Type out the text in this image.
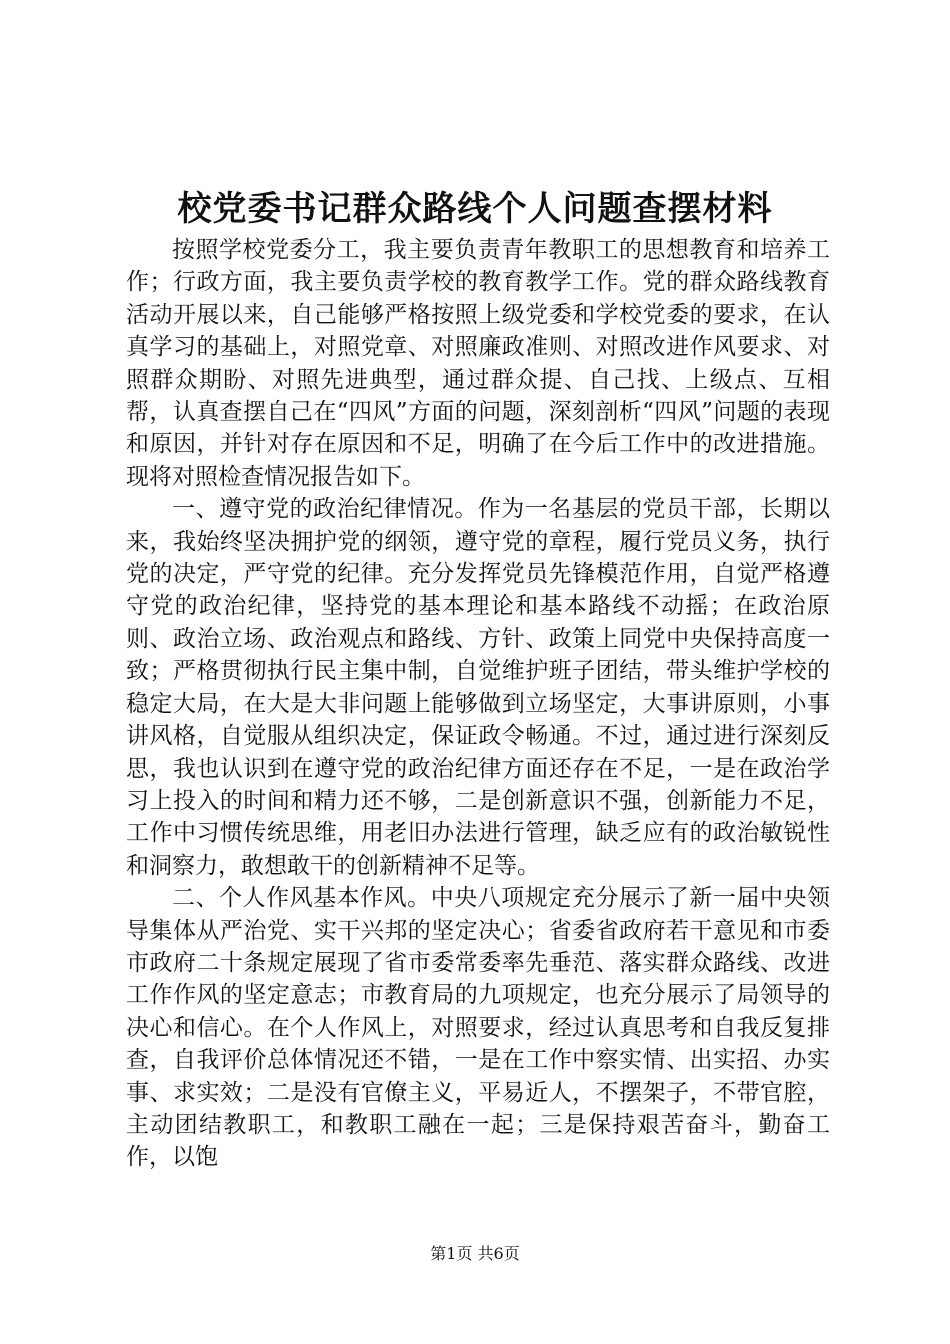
校党委书记群众路线个人问题查摆材料

按照学校党委分工，我主要负责青年教职工的思想教育和培养工作；行政方面，我主要负责学校的教育教学工作。党的群众路线教育活动开展以来，自己能够严格按照上级党委和学校党委的要求，在认真学习的基础上，对照党章、对照廉政准则、对照改进作风要求、对照群众期盼、对照先进典型，通过群众提、自己找、上级点、互相帮，认真查摆自己在“四风”方面的问题，深刻剖析“四风”问题的表现和原因，并针对存在原因和不足，明确了在今后工作中的改进措施。现将对照检查情况报告如下。

一、遵守党的政治纪律情况。作为一名基层的党员干部，长期以来，我始终坚决拥护党的纲领，遵守党的章程，履行党员义务，执行党的决定，严守党的纪律。充分发挥党员先锋模范作用，自觉严格遵守党的政治纪律，坚持党的基本理论和基本路线不动摇；在政治原则、政治立场、政治观点和路线、方针、政策上同党中央保持高度一致；严格贯彻执行民主集中制，自觉维护班子团结，带头维护学校的稳定大局，在大是大非问题上能够做到立场坚定，大事讲原则，小事讲风格，自觉服从组织决定，保证政令畅通。不过，通过进行深刻反思，我也认识到在遵守党的政治纪律方面还存在不足，一是在政治学习上投入的时间和精力还不够，二是创新意识不强，创新能力不足，工作中习惯传统思维，用老旧办法进行管理，缺乏应有的政治敏锐性和洞察力，敢想敢干的创新精神不足等。

二、个人作风基本作风。中央八项规定充分展示了新一届中央领导集体从严治党、实干兴邦的坚定决心；省委省政府若干意见和市委市政府二十条规定展现了省市委常委率先垂范、落实群众路线、改进工作作风的坚定意志；市教育局的九项规定，也充分展示了局领导的决心和信心。在个人作风上，对照要求，经过认真思考和自我反复排查，自我评价总体情况还不错，一是在工作中察实情、出实招、办实事、求实效；二是没有官僚主义，平易近人，不摆架子，不带官腔，主动团结教职工，和教职工融在一起；三是保持艰苦奋斗，勤奋工作，以饱

第1页 共6页
